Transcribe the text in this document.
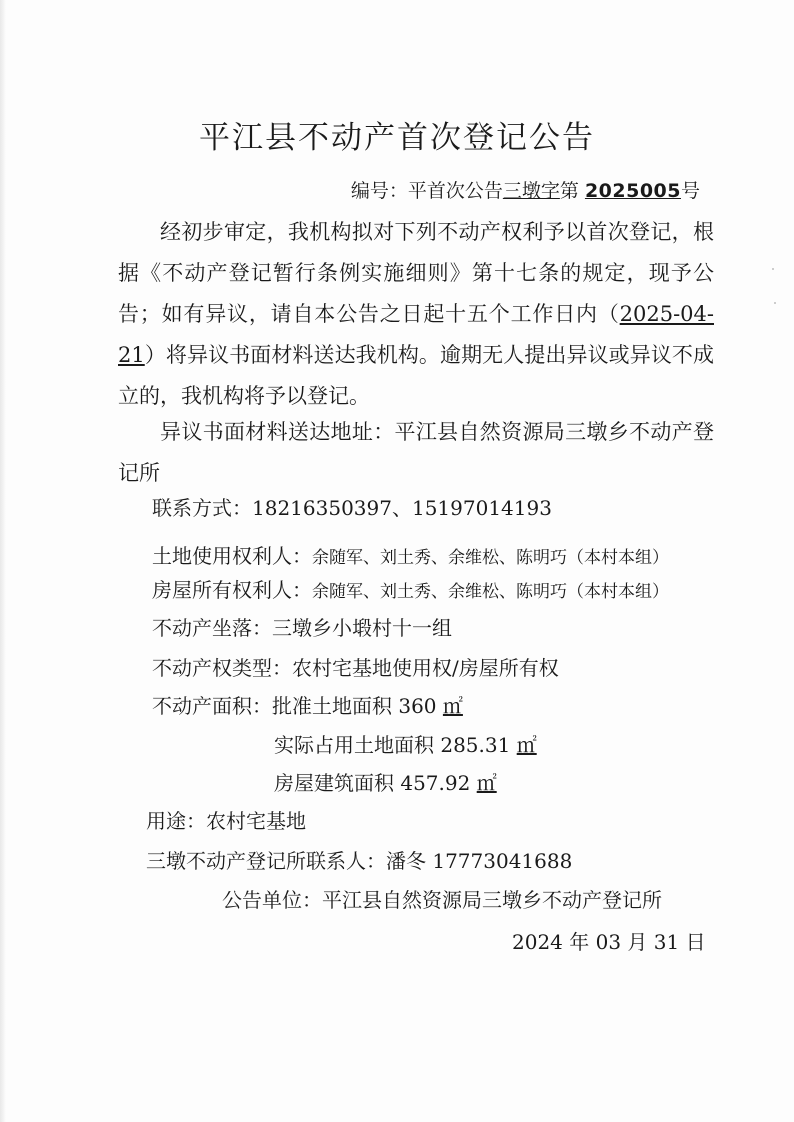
平江县不动产首次登记公告
编号：平首次公告三墩字第 2025005号
经初步审定，我机构拟对下列不动产权利予以首次登记，根据《不动产登记暂行条例实施细则》第十七条的规定，现予公告；如有异议，请自本公告之日起十五个工作日内（2025-04-21）将异议书面材料送达我机构。逾期无人提出异议或异议不成立的，我机构将予以登记。
异议书面材料送达地址：平江县自然资源局三墩乡不动产登记所
联系方式：18216350397、15197014193
土地使用权利人：余随军、刘土秀、余维松、陈明巧（本村本组）
房屋所有权利人：余随军、刘土秀、余维松、陈明巧（本村本组）
不动产坐落：三墩乡小塅村十一组
不动产权类型：农村宅基地使用权/房屋所有权
不动产面积：批准土地面积 360 ㎡
实际占用土地面积 285.31 ㎡
房屋建筑面积 457.92 ㎡
用途：农村宅基地
三墩不动产登记所联系人：潘冬 17773041688
公告单位：平江县自然资源局三墩乡不动产登记所
2024 年 03 月 31 日
